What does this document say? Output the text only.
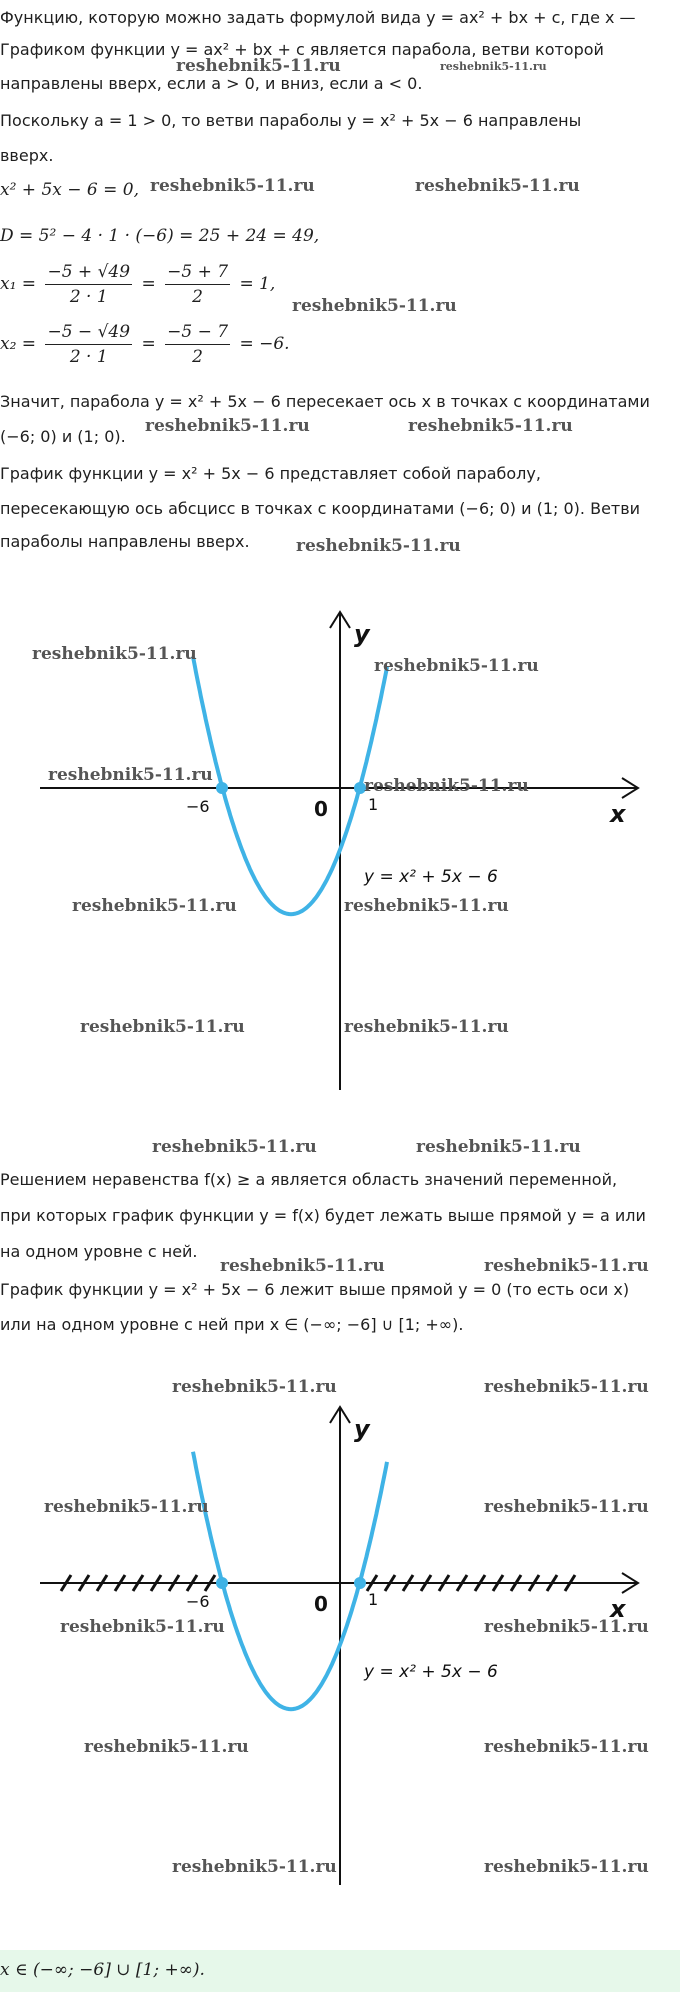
Функцию, которую можно задать формулой вида y = ax² + bx + c, где x —
Графиком функции y = ax² + bx + c является парабола, ветви которой
направлены вверх, если a > 0, и вниз, если a < 0.
Поскольку a = 1 > 0, то ветви параболы y = x² + 5x − 6 направлены
вверх.
x² + 5x − 6 = 0,
D = 5² − 4 · 1 · (−6) = 25 + 24 = 49,
$x_1 = \frac{-5 + √49}{2 \cdot 1} = \frac{-5 + 7}{2} = 1$,
$x_2 = \frac{-5 - √49}{2 \cdot 1} = \frac{-5 - 7}{2} = -6$.
Значит, парабола y = x² + 5x − 6 пересекает ось x в точках с координатами
(−6; 0) и (1; 0).
График функции y = x² + 5x − 6 представляет собой параболу,
пересекающую ось абсцисс в точках с координатами (−6; 0) и (1; 0). Ветви
параболы направлены вверх.
y
x
0
−6	1
y = x² + 5x − 6
Решением неравенства f(x) ≥ a является область значений переменной,
при которых график функции y = f(x) будет лежать выше прямой y = a или
на одном уровне с ней.
График функции y = x² + 5x − 6 лежит выше прямой y = 0 (то есть оси x)
или на одном уровне с ней при x ∈ (−∞; −6] ∪ [1; +∞).
y
x
0
−6	1
y = x² + 5x − 6
x ∈ (−∞; −6] ∪ [1; +∞).
reshebnik5-11.ru	reshebnik5-11.ru
reshebnik5-11.ru	reshebnik5-11.ru
reshebnik5-11.ru
reshebnik5-11.ru	reshebnik5-11.ru
reshebnik5-11.ru
reshebnik5-11.ru
reshebnik5-11.ru
reshebnik5-11.ru
reshebnik5-11.ru
reshebnik5-11.ru	reshebnik5-11.ru
reshebnik5-11.ru	reshebnik5-11.ru
reshebnik5-11.ru	reshebnik5-11.ru
reshebnik5-11.ru	reshebnik5-11.ru
reshebnik5-11.ru	reshebnik5-11.ru
reshebnik5-11.ru	reshebnik5-11.ru
reshebnik5-11.ru	reshebnik5-11.ru
reshebnik5-11.ru	reshebnik5-11.ru
reshebnik5-11.ru	reshebnik5-11.ru
